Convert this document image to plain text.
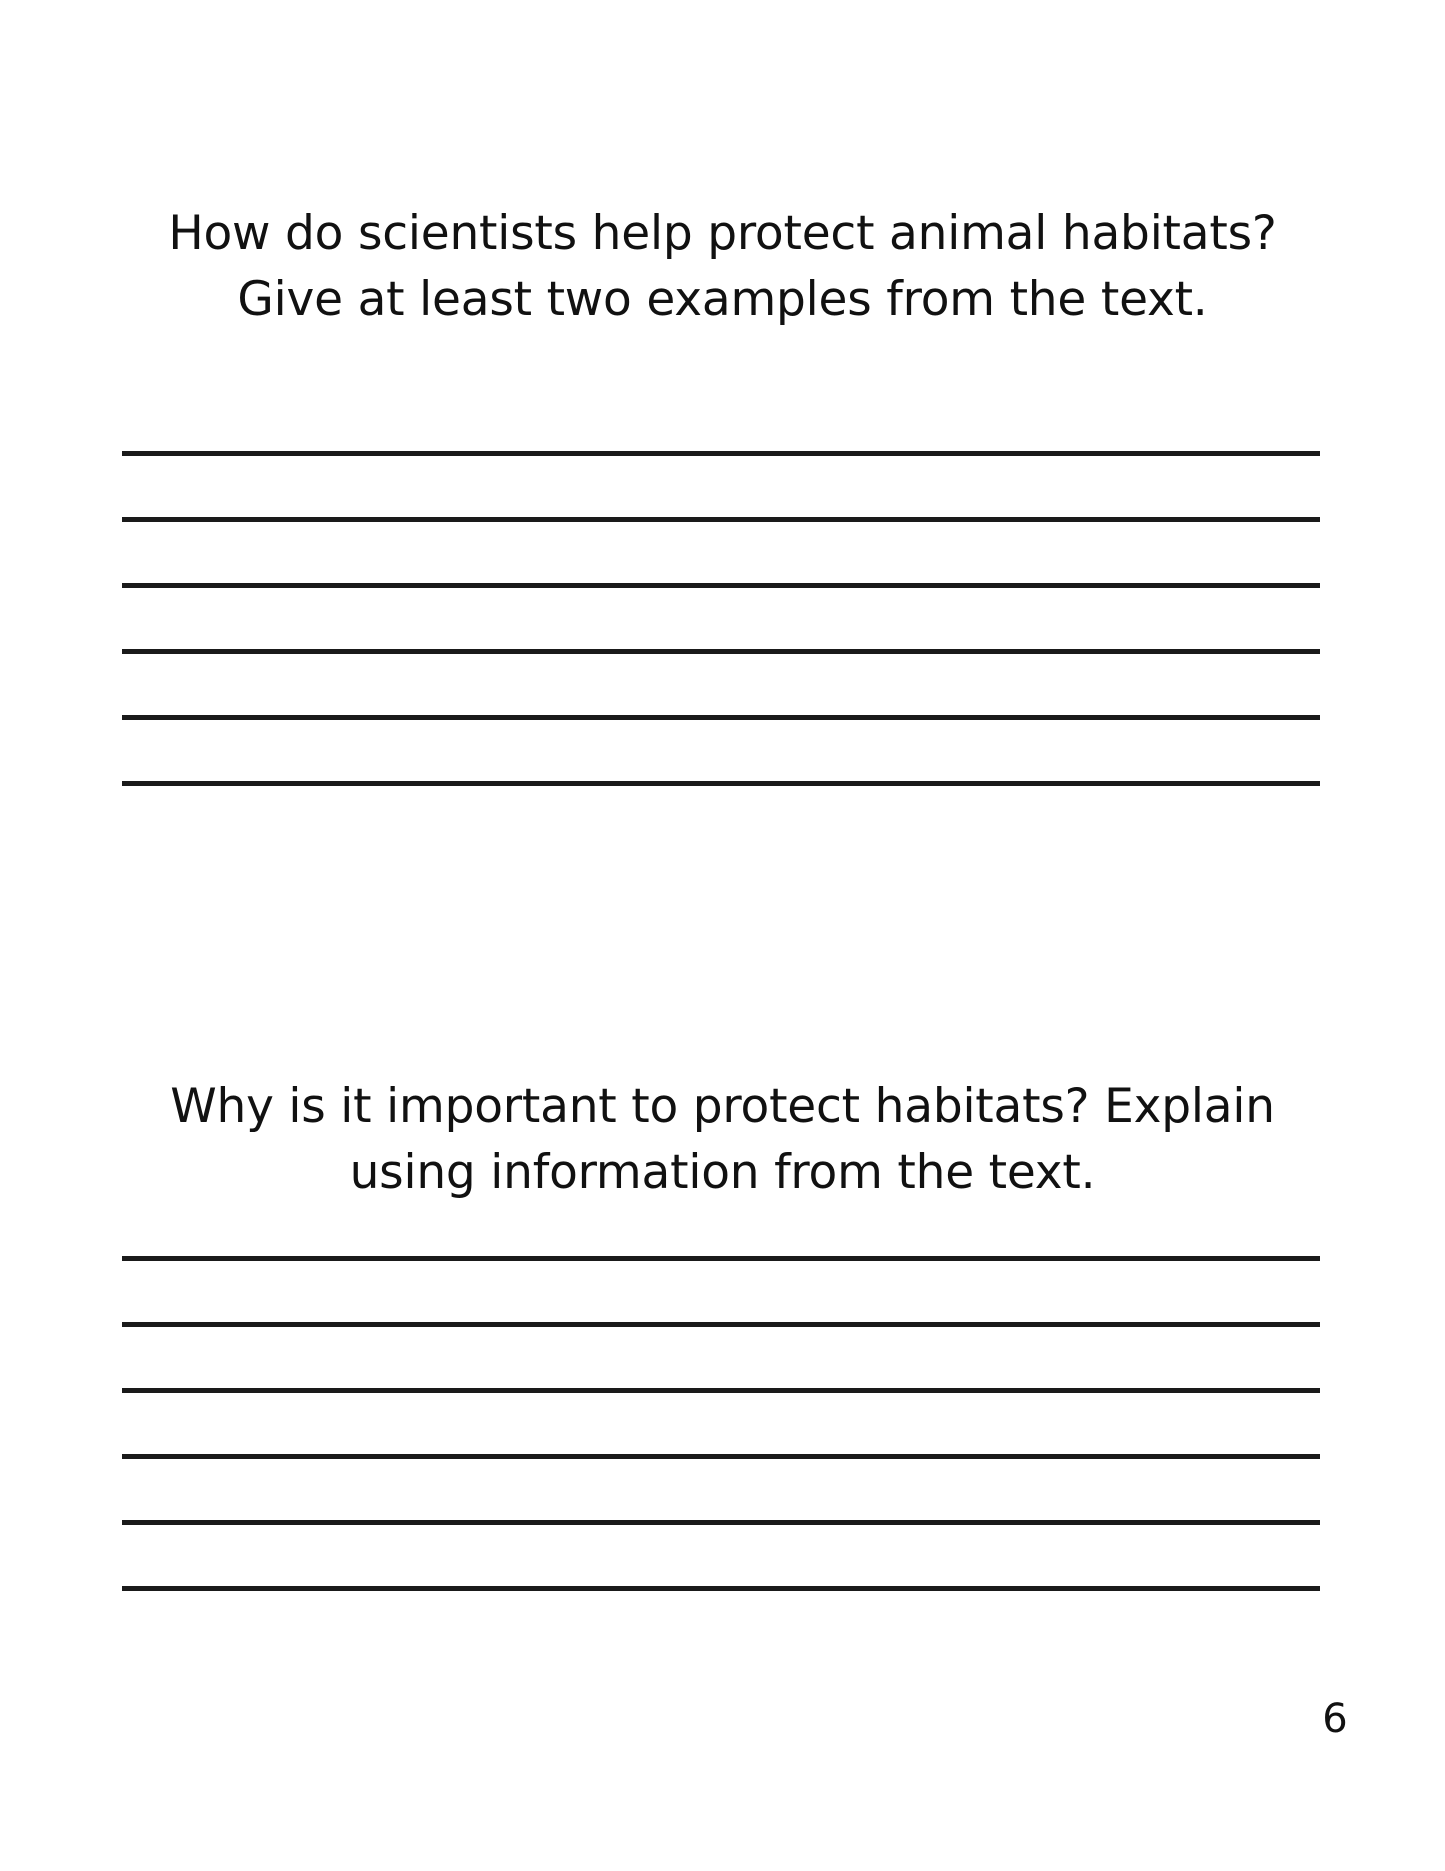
How do scientists help protect animal habitats?
Give at least two examples from the text.

Why is it important to protect habitats? Explain
using information from the text.

6
